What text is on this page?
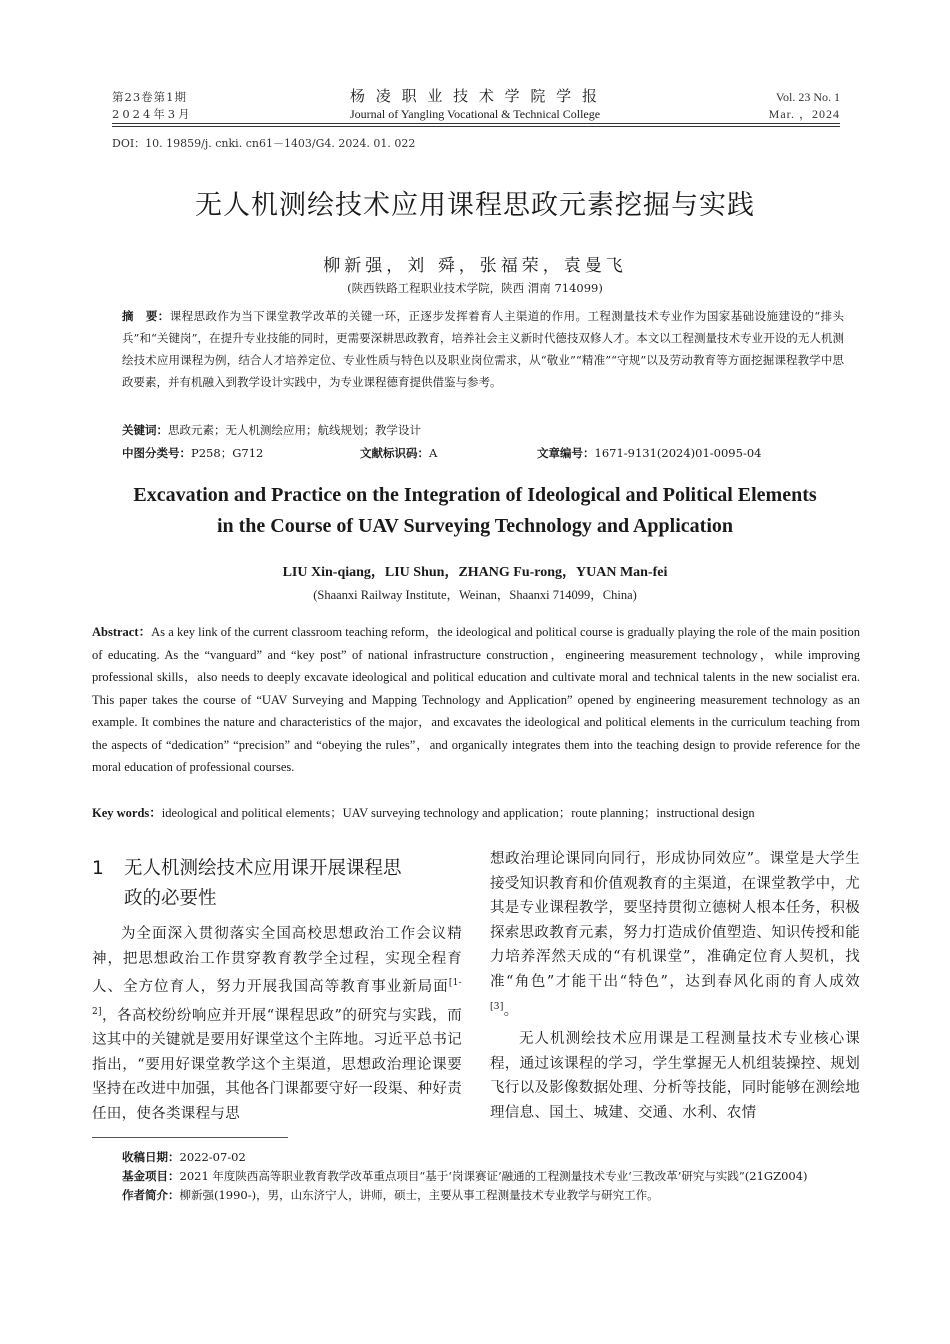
第23卷第1期
2024年3月
杨 凌 职 业 技 术 学 院 学 报
Journal of Yangling Vocational & Technical College
Vol. 23 No. 1
Mar. ，2024
DOI：10. 19859/j. cnki. cn61－1403/G4. 2024. 01. 022
无人机测绘技术应用课程思政元素挖掘与实践
柳新强，刘 舜，张福荣，袁曼飞
(陕西铁路工程职业技术学院，陕西 渭南 714099)
摘　要：课程思政作为当下课堂教学改革的关键一环，正逐步发挥着育人主渠道的作用。工程测量技术专业作为国家基础设施建设的“排头兵”和“关键岗”，在提升专业技能的同时，更需要深耕思政教育，培养社会主义新时代德技双修人才。本文以工程测量技术专业开设的无人机测绘技术应用课程为例，结合人才培养定位、专业性质与特色以及职业岗位需求，从“敬业”“精准”“守规”以及劳动教育等方面挖掘课程教学中思政要素，并有机融入到教学设计实践中，为专业课程德育提供借鉴与参考。
关键词：思政元素；无人机测绘应用；航线规划；教学设计
中图分类号：P258；G712	文献标识码：A	文章编号：1671-9131(2024)01-0095-04
Excavation and Practice on the Integration of Ideological and Political Elements
in the Course of UAV Surveying Technology and Application
LIU Xin-qiang，LIU Shun，ZHANG Fu-rong，YUAN Man-fei
(Shaanxi Railway Institute，Weinan，Shaanxi 714099，China)
Abstract：As a key link of the current classroom teaching reform，the ideological and political course is gradually playing the role of the main position of educating. As the “vanguard” and “key post” of national infrastructure construction，engineering measurement technology，while improving professional skills，also needs to deeply excavate ideological and political education and cultivate moral and technical talents in the new socialist era. This paper takes the course of “UAV Surveying and Mapping Technology and Application” opened by engineering measurement technology as an example. It combines the nature and characteristics of the major，and excavates the ideological and political elements in the curriculum teaching from the aspects of “dedication” “precision” and “obeying the rules”，and organically integrates them into the teaching design to provide reference for the moral education of professional courses.
Key words：ideological and political elements；UAV surveying technology and application；route planning；instructional design
1 无人机测绘技术应用课开展课程思
政的必要性

为全面深入贯彻落实全国高校思想政治工作会议精神，把思想政治工作贯穿教育教学全过程，实现全程育人、全方位育人，努力开展我国高等教育事业新局面[1-2]，各高校纷纷响应并开展“课程思政”的研究与实践，而这其中的关键就是要用好课堂这个主阵地。习近平总书记指出，“要用好课堂教学这个主渠道，思想政治理论课要坚持在改进中加强，其他各门课都要守好一段渠、种好责任田，使各类课程与思

想政治理论课同向同行，形成协同效应”。课堂是大学生接受知识教育和价值观教育的主渠道，在课堂教学中，尤其是专业课程教学，要坚持贯彻立德树人根本任务，积极探索思政教育元素，努力打造成价值塑造、知识传授和能力培养浑然天成的“有机课堂”，准确定位育人契机，找准“角色”才能干出“特色”，达到春风化雨的育人成效[3]。

无人机测绘技术应用课是工程测量技术专业核心课程，通过该课程的学习，学生掌握无人机组装操控、规划飞行以及影像数据处理、分析等技能，同时能够在测绘地理信息、国土、城建、交通、水利、农情

收稿日期：2022-07-02
基金项目： 2021 年度陕西高等职业教育教学改革重点项目“基于‘岗课赛证’融通的工程测量技术专业‘三教改革’研究与实践”(21GZ004)
作者简介：柳新强(1990-)，男，山东济宁人，讲师，硕士，主要从事工程测量技术专业教学与研究工作。
